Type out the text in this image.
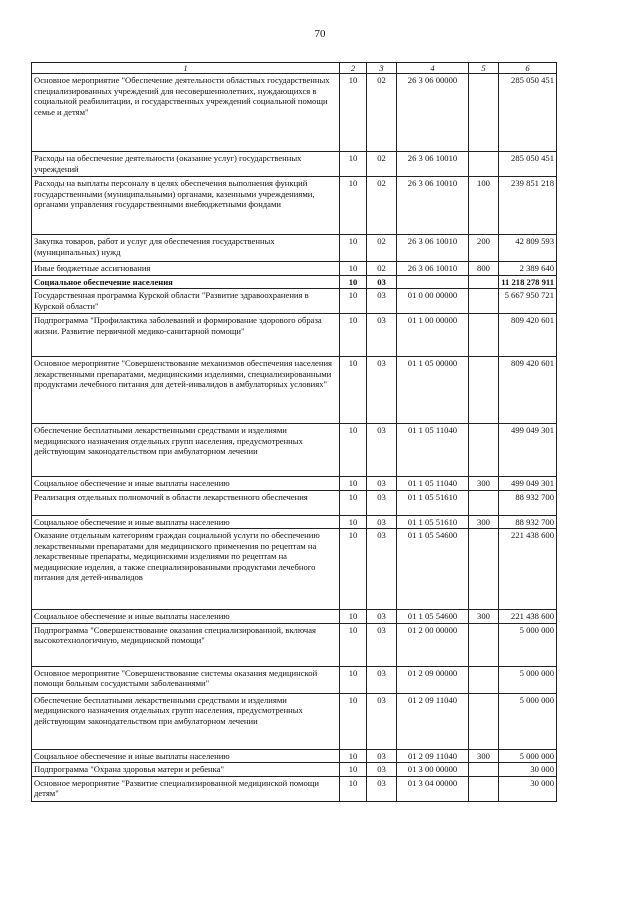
70
1	2	3	4	5	6
Основное мероприятие "Обеспечение деятельности областных государственных специализированных учреждений для несовершеннолетних, нуждающихся в социальной реабилитации, и государственных учреждений социальной помощи семье и детям"	10	02	26 3 06 00000		285 050 451
Расходы на обеспечение деятельности (оказание услуг) государственных учреждений	10	02	26 3 06 10010		285 050 451
Расходы на выплаты персоналу в целях обеспечения выполнения функций государственными (муниципальными) органами, казенными учреждениями, органами управления государственными внебюджетными фондами	10	02	26 3 06 10010	100	239 851 218
Закупка товаров, работ и услуг для обеспечения государственных (муниципальных) нужд	10	02	26 3 06 10010	200	42 809 593
Иные бюджетные ассигнования	10	02	26 3 06 10010	800	2 389 640
Социальное обеспечение населения	10	03			11 218 278 911
Государственная программа Курской области "Развитие здравоохранения в Курской области"	10	03	01 0 00 00000		5 667 950 721
Подпрограмма "Профилактика заболеваний и формирование здорового образа жизни. Развитие первичной медико-санитарной помощи"	10	03	01 1 00 00000		809 420 601
Основное мероприятие "Совершенствование механизмов обеспечения населения лекарственными препаратами, медицинскими изделиями, специализированными продуктами лечебного питания для детей-инвалидов в амбулаторных условиях"	10	03	01 1 05 00000		809 420 601
Обеспечение бесплатными лекарственными средствами и изделиями медицинского назначения отдельных групп населения, предусмотренных действующим законодательством при амбулаторном лечении	10	03	01 1 05 11040		499 049 301
Социальное обеспечение и иные выплаты населению	10	03	01 1 05 11040	300	499 049 301
Реализация отдельных полномочий в области лекарственного обеспечения	10	03	01 1 05 51610		88 932 700
Социальное обеспечение и иные выплаты населению	10	03	01 1 05 51610	300	88 932 700
Оказание отдельным категориям граждан социальной услуги по обеспечению лекарственными препаратами для медицинского применения по рецептам на лекарственные препараты, медицинскими изделиями по рецептам на медицинские изделия, а также специализированными продуктами лечебного питания для детей-инвалидов	10	03	01 1 05 54600		221 438 600
Социальное обеспечение и иные выплаты населению	10	03	01 1 05 54600	300	221 438 600
Подпрограмма "Совершенствование оказания специализированной, включая высокотехнологичную, медицинской помощи"	10	03	01 2 00 00000		5 000 000
Основное мероприятие "Совершенствование системы оказания медицинской помощи больным сосудистыми заболеваниями"	10	03	01 2 09 00000		5 000 000
Обеспечение бесплатными лекарственными средствами и изделиями медицинского назначения отдельных групп населения, предусмотренных действующим законодательством при амбулаторном лечении	10	03	01 2 09 11040		5 000 000
Социальное обеспечение и иные выплаты населению	10	03	01 2 09 11040	300	5 000 000
Подпрограмма "Охрана здоровья матери и ребенка"	10	03	01 3 00 00000		30 000
Основное мероприятие "Развитие специализированной медицинской помощи детям"	10	03	01 3 04 00000		30 000
